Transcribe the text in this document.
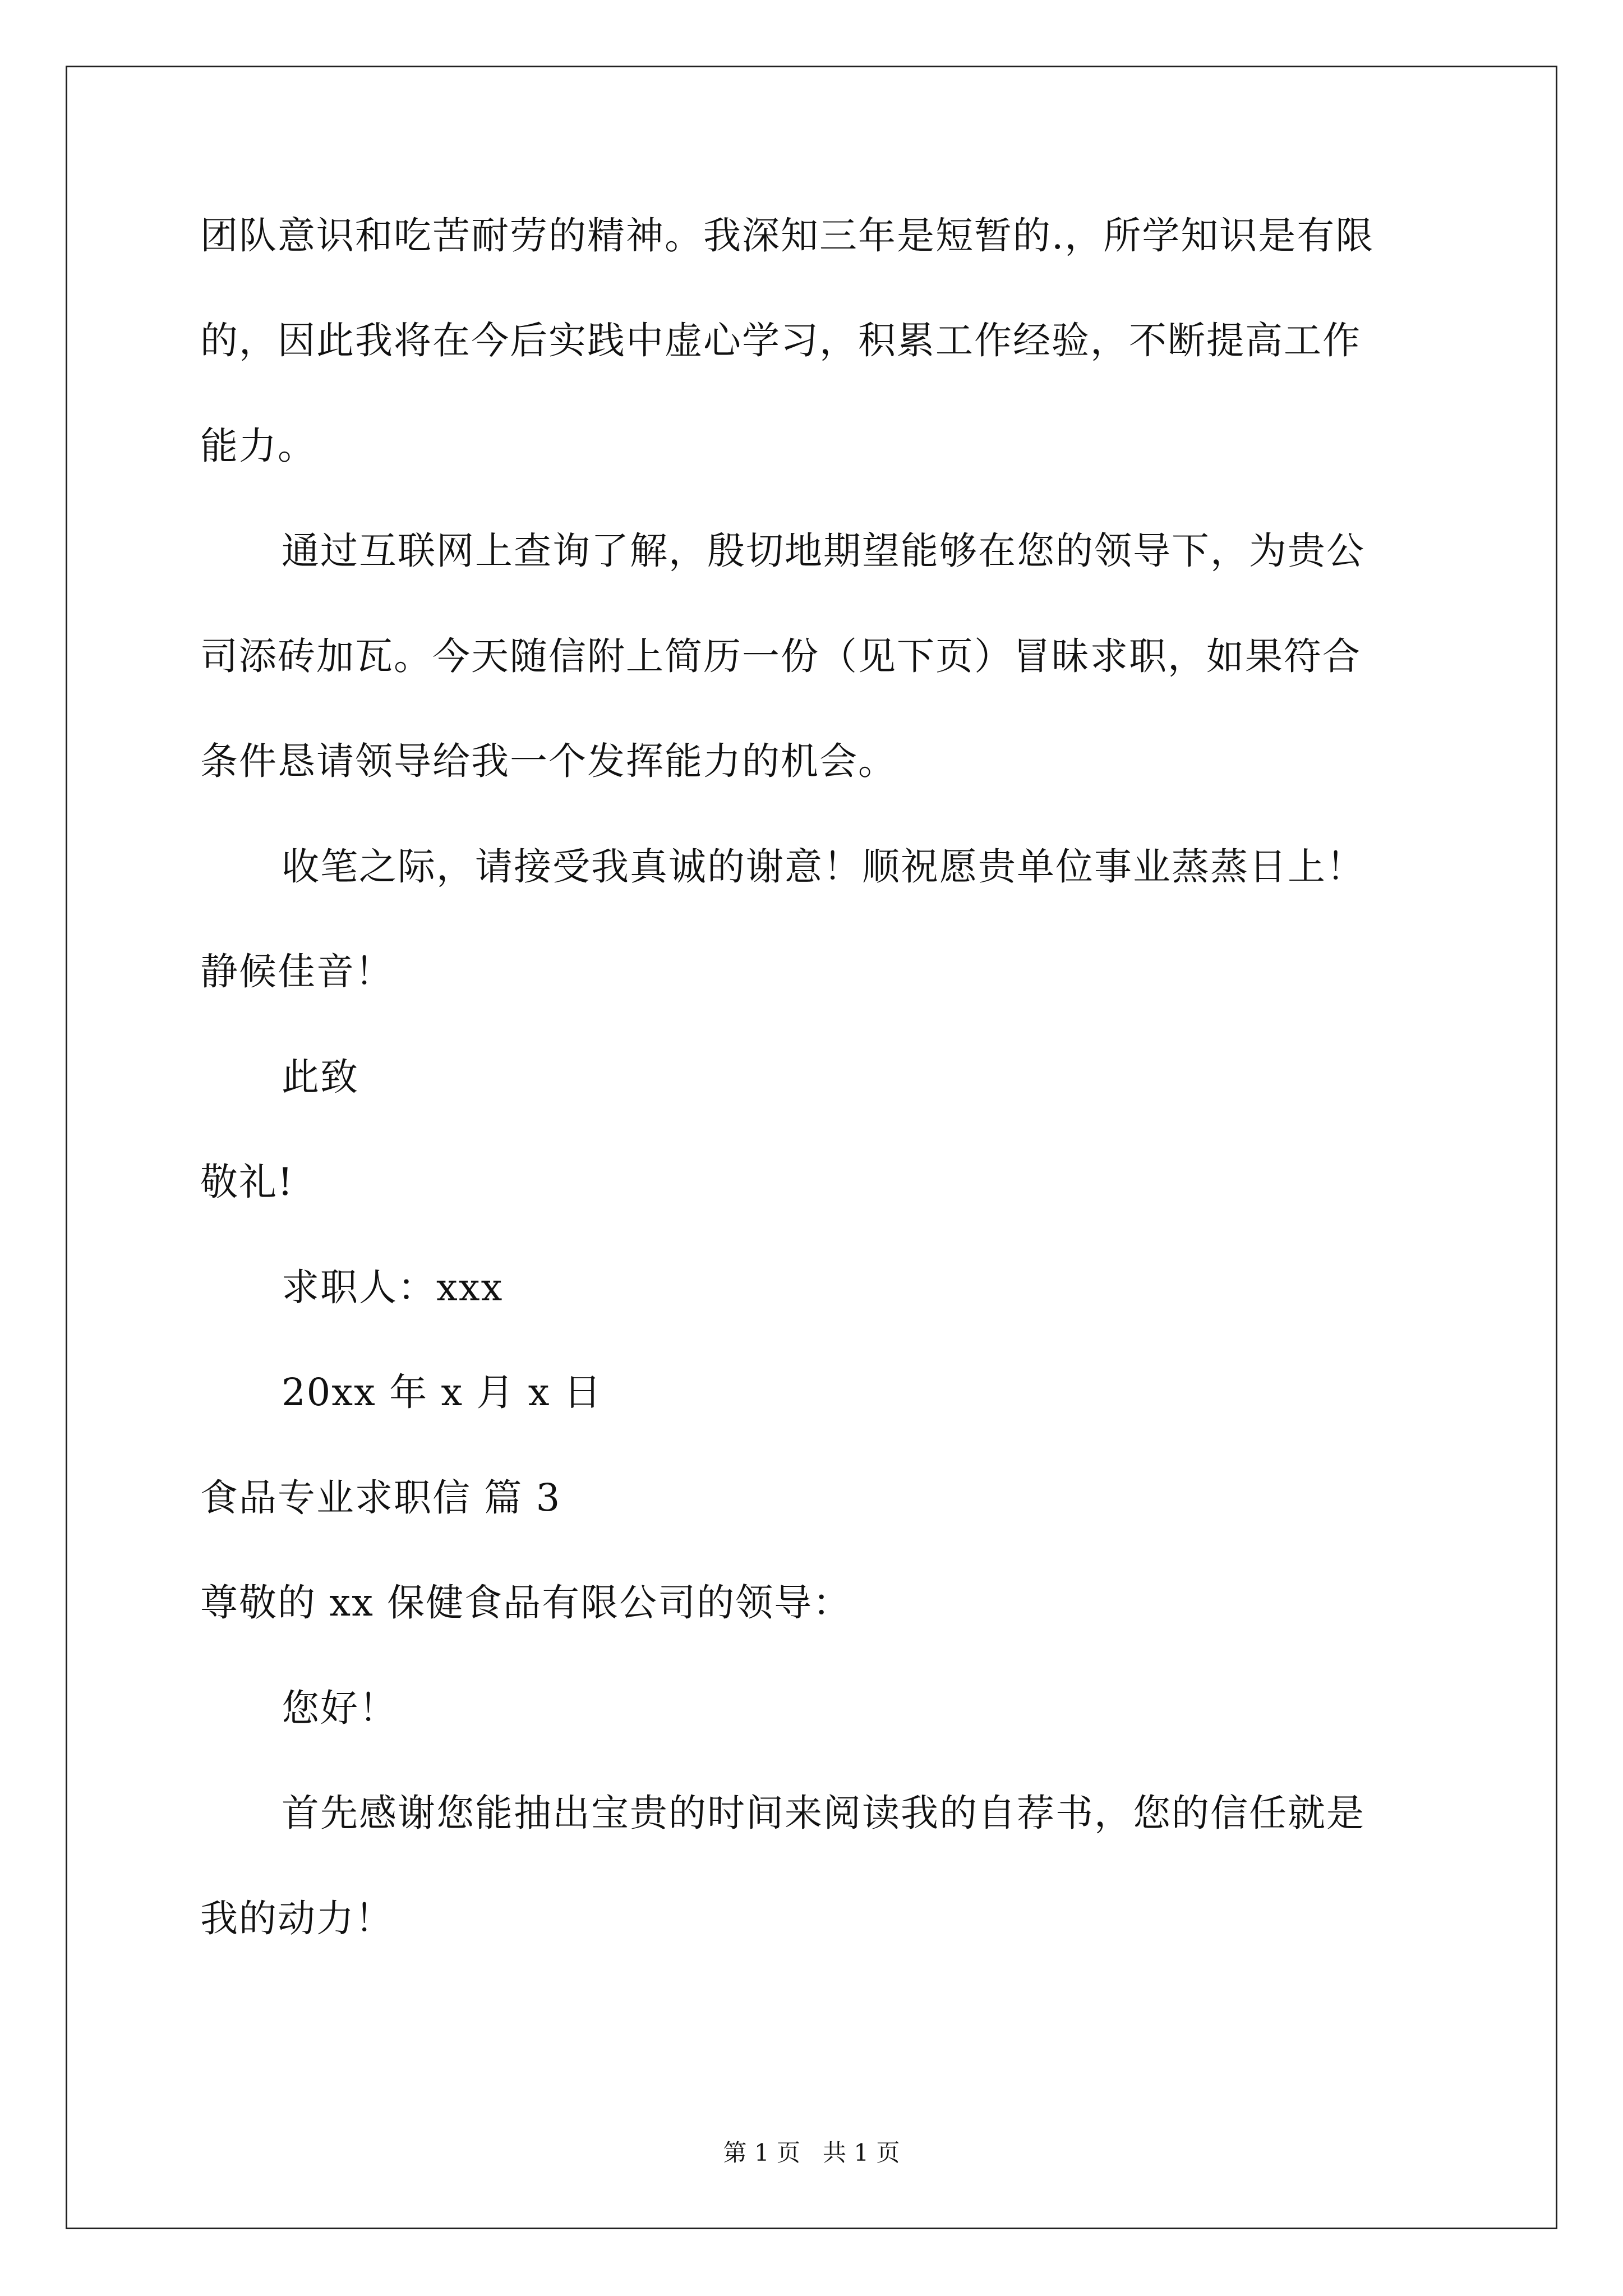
团队意识和吃苦耐劳的精神。我深知三年是短暂的.，所学知识是有限
的，因此我将在今后实践中虚心学习，积累工作经验，不断提高工作
能力。
通过互联网上查询了解，殷切地期望能够在您的领导下，为贵公
司添砖加瓦。今天随信附上简历一份（见下页）冒昧求职，如果符合
条件恳请领导给我一个发挥能力的机会。
收笔之际，请接受我真诚的谢意！顺祝愿贵单位事业蒸蒸日上！
静候佳音！
此致
敬礼!
求职人：xxx
20xx 年 x 月 x 日
食品专业求职信 篇 3
尊敬的 xx 保健食品有限公司的领导：
您好！
首先感谢您能抽出宝贵的时间来阅读我的自荐书，您的信任就是
我的动力！
第 1 页   共 1 页
